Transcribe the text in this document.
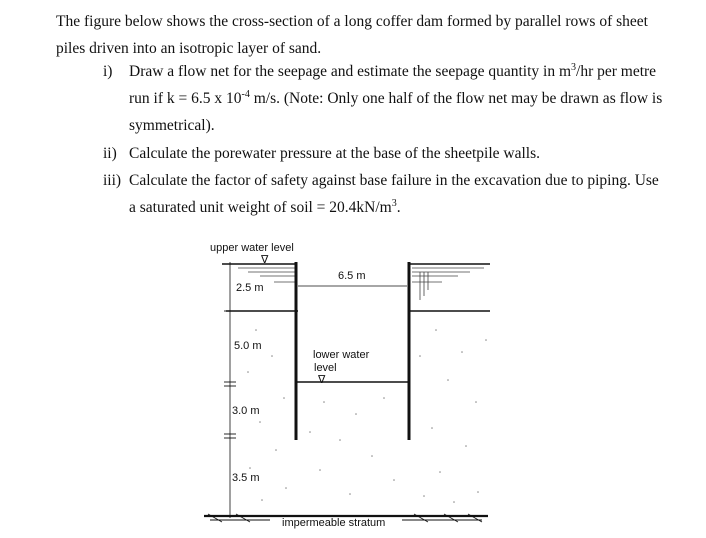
The figure below shows the cross-section of a long coffer dam formed by parallel rows of sheet
piles driven into an isotropic layer of sand.
i)	Draw a flow net for the seepage and estimate the seepage quantity in $m^3/hr$ per metre
run if k = 6.5 x $10^{-4}$ m/s. (Note: Only one half of the flow net may be drawn as flow is
symmetrical).
ii) Calculate the porewater pressure at the base of the sheetpile walls.
iii) Calculate the factor of safety against base failure in the excavation due to piping. Use
a saturated unit weight of soil = $20.4kN/m^3$.
upper water level
∇
6.5 m
2.5 m
5.0 m
3.0 m
3.5 m
lower water
level
∇
impermeable stratum
